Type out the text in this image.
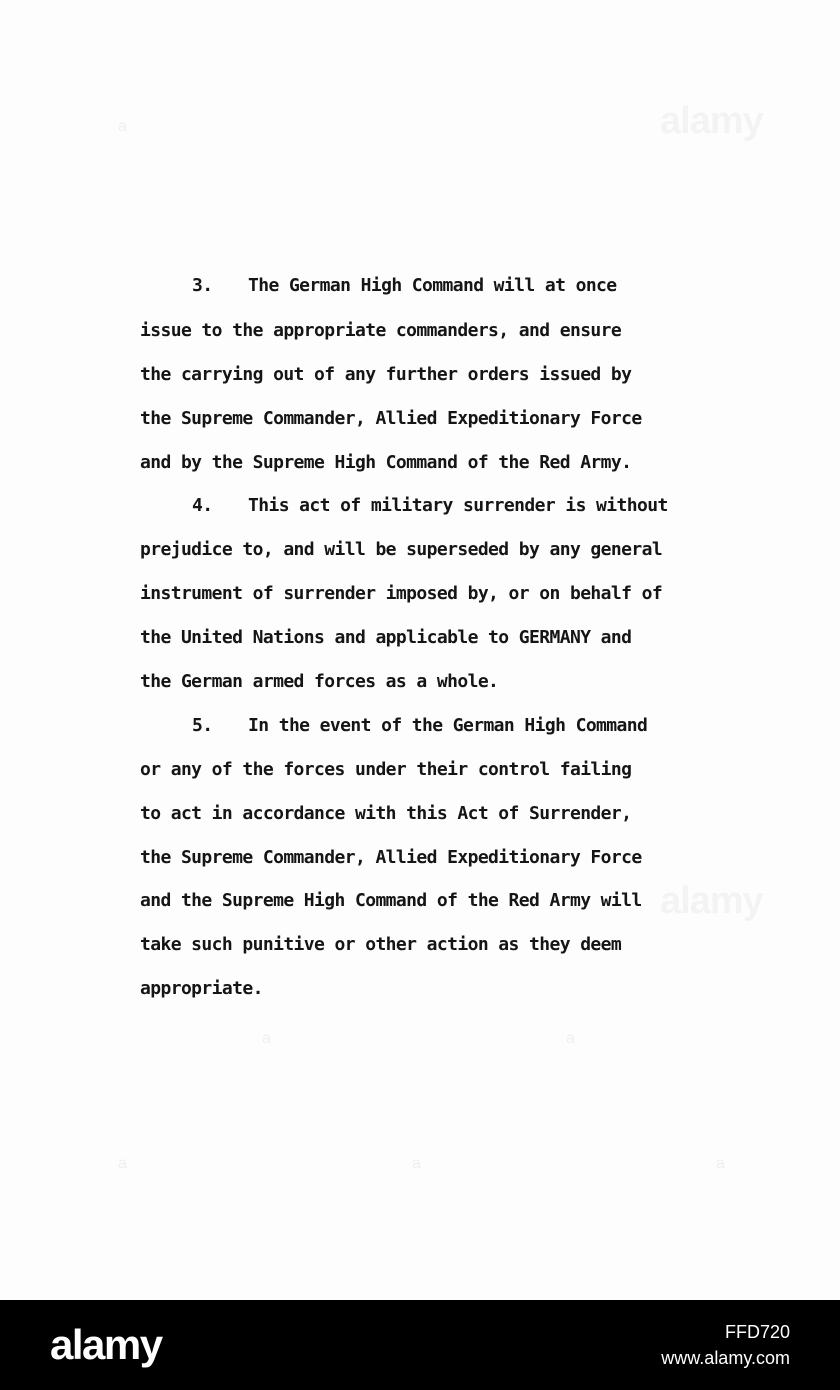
a
a	a
a	a
a
3. The German High Command will at once
issue to the appropriate commanders, and ensure
the carrying out of any further orders issued by
the Supreme Commander, Allied Expeditionary Force
and by the Supreme High Command of the Red Army.
4. This act of military surrender is without
prejudice to, and will be superseded by any general
instrument of surrender imposed by, or on behalf of
the United Nations and applicable to GERMANY and
the German armed forces as a whole.
5. In the event of the German High Command
or any of the forces under their control failing
to act in accordance with this Act of Surrender,
the Supreme Commander, Allied Expeditionary Force
and the Supreme High Command of the Red Army will
take such punitive or other action as they deem
appropriate.
alamy	FFD720
www.alamy.com
